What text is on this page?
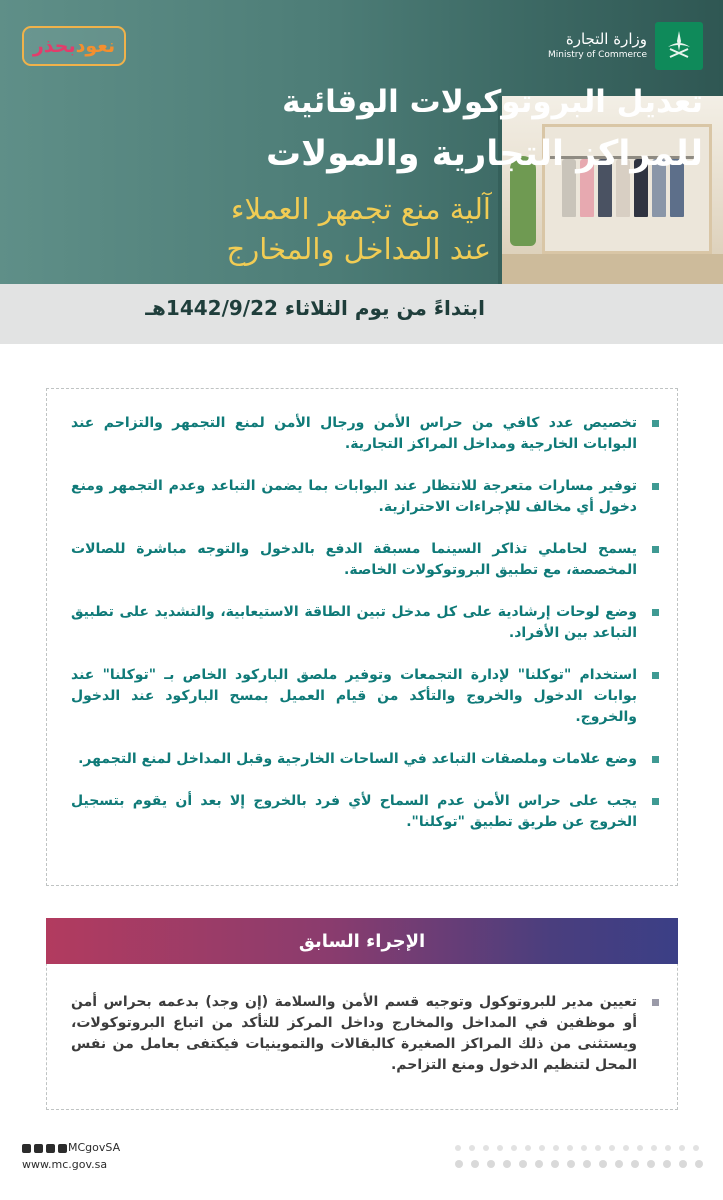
وزارة التجارة
Ministry of Commerce
نعود
بحذر
تعديل البروتوكولات الوقائية
للمراكز التجارية والمولات
آلية منع تجمهر العملاء
عند المداخل والمخارج
ابتداءً من يوم الثلاثاء 1442/9/22هـ
تخصيص عدد كافي من حراس الأمن ورجال الأمن لمنع التجمهر والتزاحم عند البوابات الخارجية ومداخل المراكز التجارية.
توفير مسارات متعرجة للانتظار عند البوابات بما يضمن التباعد وعدم التجمهر ومنع دخول أي مخالف للإجراءات الاحترازية.
يسمح لحاملي تذاكر السينما مسبقة الدفع بالدخول والتوجه مباشرة للصالات المخصصة، مع تطبيق البروتوكولات الخاصة.
وضع لوحات إرشادية على كل مدخل تبين الطاقة الاستيعابية، والتشديد على تطبيق التباعد بين الأفراد.
استخدام "توكلنا" لإدارة التجمعات وتوفير ملصق الباركود الخاص بـ "توكلنا" عند بوابات الدخول والخروج والتأكد من قيام العميل بمسح الباركود عند الدخول والخروج.
وضع علامات وملصقات التباعد في الساحات الخارجية وقبل المداخل لمنع التجمهر.
يجب على حراس الأمن عدم السماح لأي فرد بالخروج إلا بعد أن يقوم بتسجيل الخروج عن طريق تطبيق "توكلنا".
الإجراء السابق
تعيين مدير للبروتوكول وتوجيه قسم الأمن والسلامة (إن وجد) بدعمه بحراس أمن أو موظفين في المداخل والمخارج وداخل المركز للتأكد من اتباع البروتوكولات، ويستثنى من ذلك المراكز الصغيرة كالبقالات والتموينيات فيكتفى بعامل من نفس المحل لتنظيم الدخول ومنع التزاحم.
MCgovSA
www.mc.gov.sa
